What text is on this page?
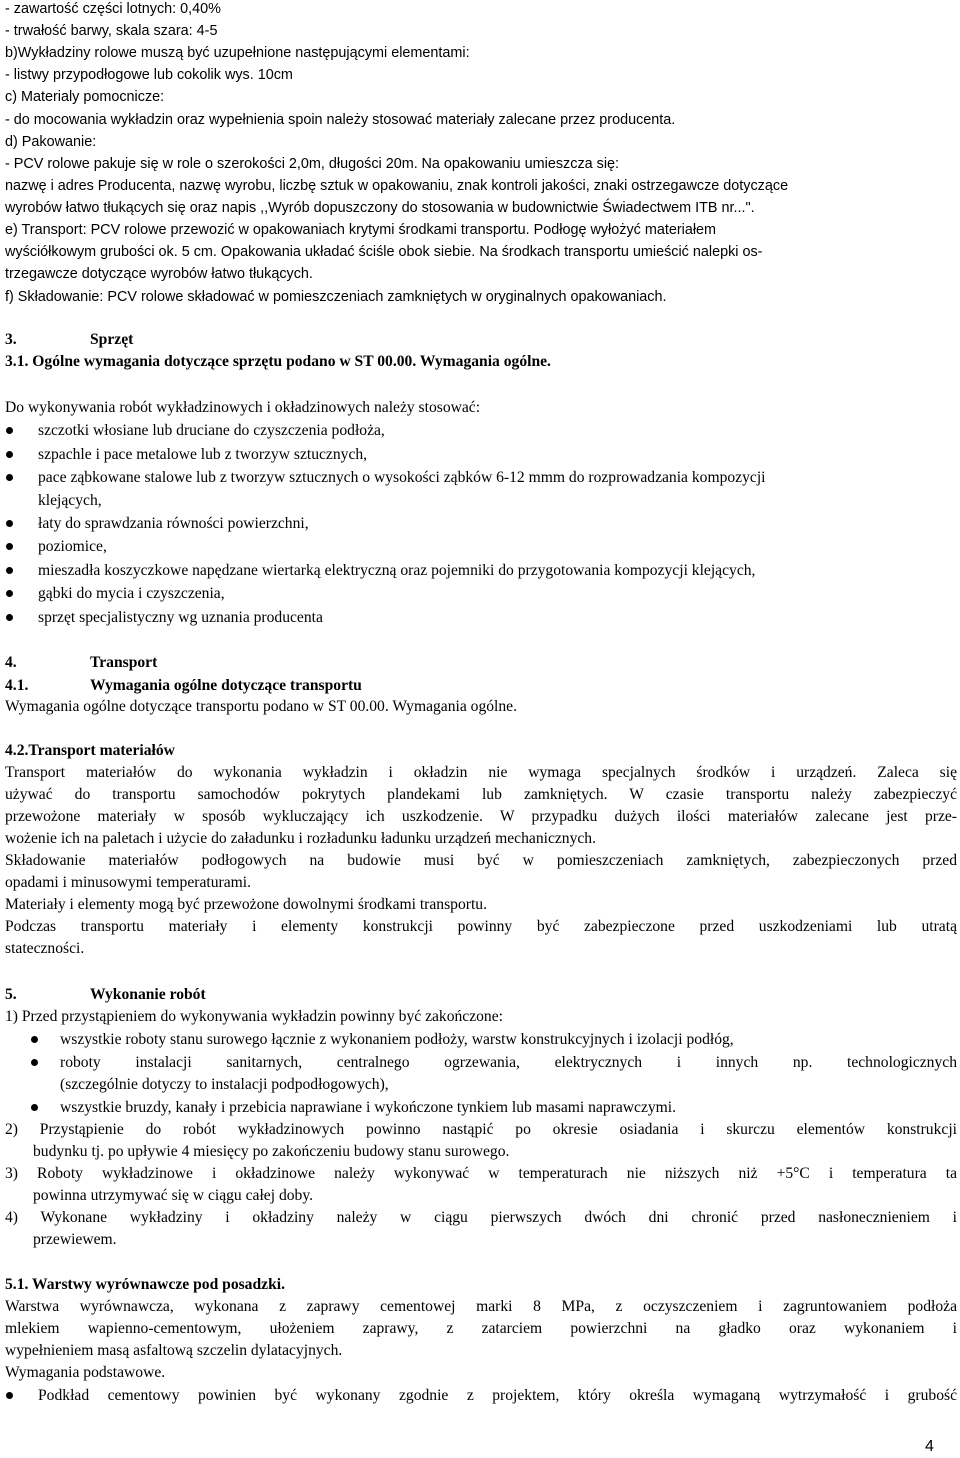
- zawartość części lotnych: 0,40%
- trwałość barwy, skala szara: 4-5
b)Wykładziny rolowe muszą być uzupełnione następującymi elementami:
- listwy przypodłogowe lub cokolik wys. 10cm
c) Materialy pomocnicze:
- do mocowania wykładzin oraz wypełnienia spoin należy stosować materiały zalecane przez producenta.
d) Pakowanie:
- PCV rolowe pakuje się w role o szerokości 2,0m, długości 20m. Na opakowaniu umieszcza się:
nazwę i adres Producenta, nazwę wyrobu, liczbę sztuk w opakowaniu, znak kontroli jakości, znaki ostrzegawcze dotyczące
wyrobów łatwo tłukących się oraz napis ,,Wyrób dopuszczony do stosowania w budownictwie Świadectwem ITB nr...".
e) Transport: PCV rolowe przewozić w opakowaniach krytymi środkami transportu. Podłogę wyłożyć materiałem
wyściółkowym grubości ok. 5 cm. Opakowania układać ściśle obok siebie. Na środkach transportu umieścić nalepki os-
trzegawcze dotyczące wyrobów łatwo tłukących.
f) Składowanie: PCV rolowe składować w pomieszczeniach zamkniętych w oryginalnych opakowaniach.
3.	Sprzęt
3.1. Ogólne wymagania dotyczące sprzętu podano w ST 00.00. Wymagania ogólne.
Do wykonywania robót wykładzinowych i okładzinowych należy stosować:
szczotki włosiane lub druciane do czyszczenia podłoża,
szpachle i pace metalowe lub z tworzyw sztucznych,
pace ząbkowane stalowe lub z tworzyw sztucznych o wysokości ząbków 6-12 mmm do rozprowadzania kompozycji
klejących,
łaty do sprawdzania równości powierzchni,
poziomice,
mieszadła koszyczkowe napędzane wiertarką elektryczną oraz pojemniki do przygotowania kompozycji klejących,
gąbki do mycia i czyszczenia,
sprzęt specjalistyczny wg uznania producenta
4.	Transport
4.1.	Wymagania ogólne dotyczące transportu
Wymagania ogólne dotyczące transportu podano w ST 00.00. Wymagania ogólne.
4.2.Transport materiałów
Transport materiałów do wykonania wykładzin i okładzin nie wymaga specjalnych środków i urządzeń. Zaleca się
używać do transportu samochodów pokrytych plandekami lub zamkniętych. W czasie transportu należy zabezpieczyć
przewożone materiały w sposób wykluczający ich uszkodzenie. W przypadku dużych ilości materiałów zalecane jest prze-
wożenie ich na paletach i użycie do załadunku i rozładunku ładunku urządzeń mechanicznych.
Składowanie materiałów podłogowych na budowie musi być w pomieszczeniach zamkniętych, zabezpieczonych przed
opadami i minusowymi temperaturami.
Materiały i elementy mogą być przewożone dowolnymi środkami transportu.
Podczas transportu materiały i elementy konstrukcji powinny być zabezpieczone przed uszkodzeniami lub utratą
stateczności.
5.	Wykonanie robót
1) Przed przystąpieniem do wykonywania wykładzin powinny być zakończone:
wszystkie roboty stanu surowego łącznie z wykonaniem podłoży, warstw konstrukcyjnych i izolacji podłóg,
roboty instalacji sanitarnych, centralnego ogrzewania, elektrycznych i innych np. technologicznych
(szczególnie dotyczy to instalacji podpodłogowych),
wszystkie bruzdy, kanały i przebicia naprawiane i wykończone tynkiem lub masami naprawczymi.
2) Przystąpienie do robót wykładzinowych powinno nastąpić po okresie osiadania i skurczu elementów konstrukcji
budynku tj. po upływie 4 miesięcy po zakończeniu budowy stanu surowego.
3) Roboty wykładzinowe i okładzinowe należy wykonywać w temperaturach nie niższych niż +5°C i temperatura ta
powinna utrzymywać się w ciągu całej doby.
4) Wykonane wykładziny i okładziny należy w ciągu pierwszych dwóch dni chronić przed nasłonecznieniem i
przewiewem.
5.1. Warstwy wyrównawcze pod posadzki.
Warstwa wyrównawcza, wykonana z zaprawy cementowej marki 8 MPa, z oczyszczeniem i zagruntowaniem podłoża
mlekiem wapienno-cementowym, ułożeniem zaprawy, z zatarciem powierzchni na gładko oraz wykonaniem i
wypełnieniem masą asfaltową szczelin dylatacyjnych.
Wymagania podstawowe.
Podkład cementowy powinien być wykonany zgodnie z projektem, który określa wymaganą wytrzymałość i grubość
4
